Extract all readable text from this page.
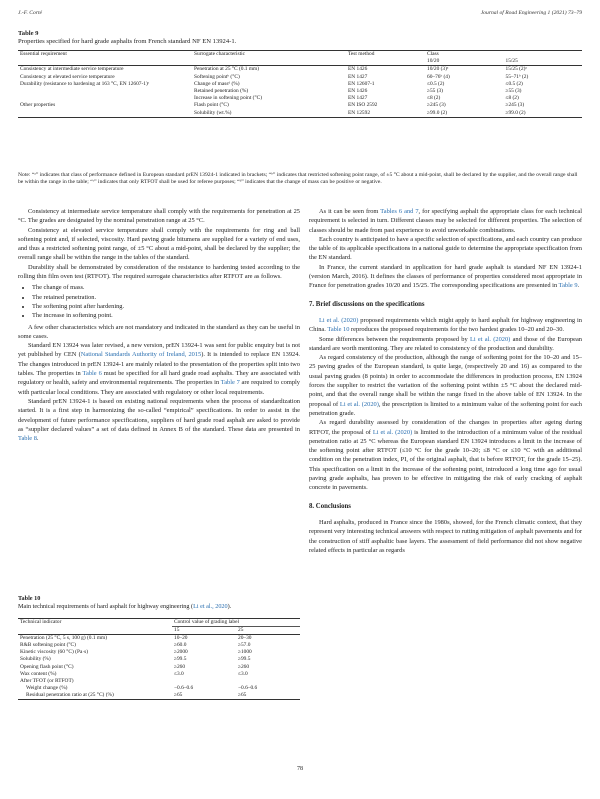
J.-F. Corté	Journal of Road Engineering 1 (2021) 73–79
Table 9
Properties specified for hard grade asphalts from French standard NF EN 13924-1.
Essential requirement	Surrogate characteristic	Test method	Class	
			10/20	15/25
Consistency at intermediate service temperature	Penetration at 25 °C (0.1 mm)	EN 1426	10/20 (3)ᵃ	15/25 (2)ᵃ
Consistency at elevated service temperature	Softening pointᵇ (°C)	EN 1427	60–76ᵇ (4)	55–71ᵇ (2)
Durability (resistance to hardening at 163 °C, EN 12607-1)ᶜ	Change of massᵈ (%)	EN 12607-1	≤0.5 (2)	≤0.5 (2)
	Retained penetration (%)	EN 1426	≥55 (3)	≥55 (3)
	Increase in softening point (°C)	EN 1427	≤8 (2)	≤8 (2)
Other properties	Flash point (°C)	EN ISO 2592	≥245 (3)	≥245 (3)
	Solubility (wt.%)	EN 12592	≥99.0 (2)	≥99.0 (2)
Note: “ᵃ” indicates that class of performance defined in European standard prEN 13924-1 indicated in brackets; “ᵇ” indicates that restricted softening point range, of ±5 °C about a mid-point, shall be declared by the supplier, and the overall range shall be within the range in the table; “ᶜ” indicates that only RTFOT shall be used for referee purposes; “ᵈ” indicates that the change of mass can be positive or negative.

Consistency at intermediate service temperature shall comply with the requirements for penetration at 25 °C. The grades are designated by the nominal penetration range at 25 °C.

Consistency at elevated service temperature shall comply with the requirements for ring and ball softening point and, if selected, viscosity. Hard paving grade bitumens are supplied for a variety of end uses, and thus a restricted softening point range, of ±5 °C about a mid-point, shall be declared by the supplier; the overall range shall be within the range in the tables of the standard.

Durability shall be demonstrated by consideration of the resistance to hardening tested according to the rolling thin film oven test (RTFOT). The required surrogate characteristics after RTFOT are as follows.

• The change of mass.
• The retained penetration.
• The softening point after hardening.
• The increase in softening point.

A few other characteristics which are not mandatory and indicated in the standard as they can be useful in some cases.

Standard EN 13924 was later revised, a new version, prEN 13924-1 was sent for public enquiry but is not yet published by CEN (National Standards Authority of Ireland, 2015). It is intended to replace EN 13924. The changes introduced in prEN 13924-1 are mainly related to the presentation of the properties split into two tables. The properties in Table 6 must be specified for all hard grade road asphalts. They are associated with regulatory or health, safety and environmental requirements. The properties in Table 7 are required to comply with particular local conditions. They are associated with regulatory or other local requirements.

Standard prEN 13924-1 is based on existing national requirements when the process of standardization started. It is a first step in harmonizing the so-called “empirical” specifications. In order to assist in the development of future performance specifications, suppliers of hard grade road asphalt are asked to provide as “supplier declared values” a set of data defined in Annex B of the standard. These data are presented in Table 8.

Table 10
Main technical requirements of hard asphalt for highway engineering (Li et al., 2020).
Technical indicator	Control value of grading label	
	15	25
Penetration (25 °C, 5 s, 100 g) (0.1 mm)	10–20	20–30
R&B softening point (°C)	≥60.0	≥57.0
Kinetic viscosity (60 °C) (Pa·s)	≥2000	≥1000
Solubility (%)	≥99.5	≥99.5
Opening flash point (°C)	≥260	≥260
Wax content (%)	≤3.0	≤3.0
After TFOT (or RTFOT)		
Weight change (%)	−0.6–0.6	−0.6–0.6
Residual penetration ratio at (25 °C) (%)	≥65	≥65

As it can be seen from Tables 6 and 7, for specifying asphalt the appropriate class for each technical requirement is selected in turn. Different classes may be selected for different properties. The selection of classes should be made from past experience to avoid unworkable combinations.

Each country is anticipated to have a specific selection of specifications, and each country can produce the table of its applicable specifications in a national guide to determine the appropriate specification from the EN standard.

In France, the current standard in application for hard grade asphalt is standard NF EN 13924-1 (version March, 2016). It defines the classes of performance of properties considered most appropriate in France for penetration grades 10/20 and 15/25. The corresponding specifications are presented in Table 9.

7. Brief discussions on the specifications

Li et al. (2020) proposed requirements which might apply to hard asphalt for highway engineering in China. Table 10 reproduces the proposed requirements for the two hardest grades 10–20 and 20–30.

Some differences between the requirements proposed by Li et al. (2020) and those of the European standard are worth mentioning. They are related to consistency of the production and durability.

As regard consistency of the production, although the range of softening point for the 10–20 and 15–25 paving grades of the European standard, is quite large, (respectively 20 and 16) as compared to the usual paving grades (8 points) in order to accommodate the differences in production process, EN 13924 forces the supplier to restrict the variation of the softening point within ±5 °C about the declared mid-point, and that the overall range shall be within the range fixed in the above table of EN 13924. In the proposal of Li et al. (2020), the prescription is limited to a minimum value of the softening point for each penetration grade.

As regard durability assessed by consideration of the changes in properties after ageing during RTFOT, the proposal of Li et al. (2020) is limited to the introduction of a minimum value of the residual penetration ratio at 25 °C whereas the European standard EN 13924 introduces a limit in the increase of the softening point after RTFOT (≤10 °C for the grade 10–20; ≤8 °C or ≤10 °C with an additional condition on the penetration index, PI, of the original asphalt, that is before RTFOT, for the grade 15–25). This specification on a limit in the increase of the softening point, introduced a long time ago for usual paving grade asphalts, has proven to be effective in mitigating the risk of early cracking of asphalt concrete in pavements.

8. Conclusions

Hard asphalts, produced in France since the 1980s, showed, for the French climatic context, that they represent very interesting technical answers with respect to rutting mitigation of asphalt pavements and for the construction of stiff asphaltic base layers. The assessment of field performance did not show negative related effects in particular as regards

78
